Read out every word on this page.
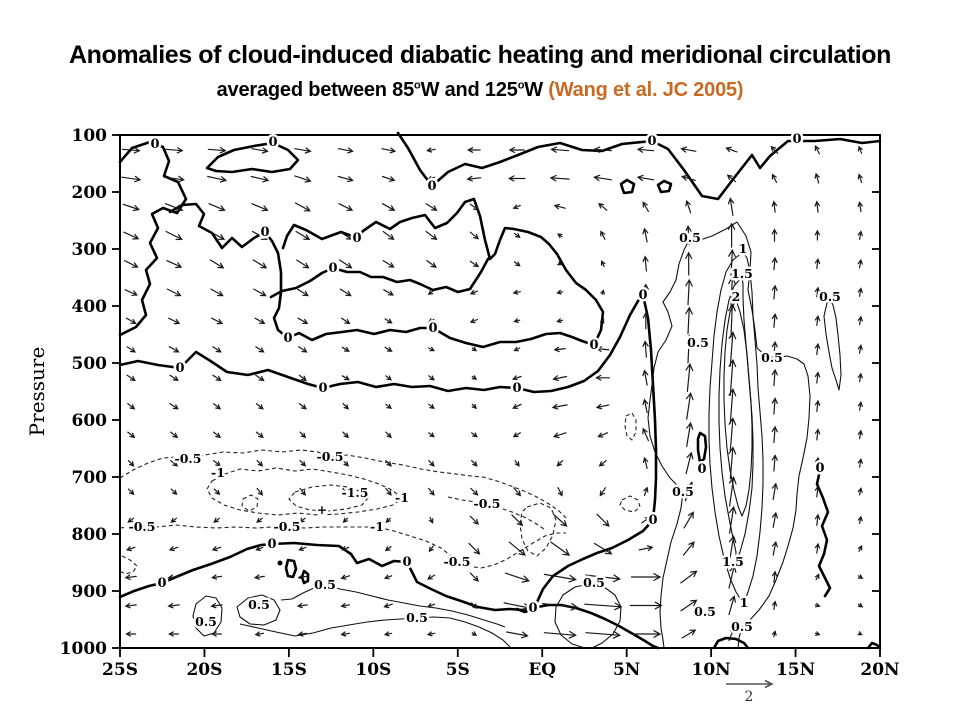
Anomalies of cloud-induced diabatic heating and meridional circulation
averaged between 85$^o$W and 125$^o$W (Wang et al. JC 2005)
100
200
300
400
500
600
700
800
900
1000
25S	20S	15S	10S	5S	EQ	5N	10N	15N	20N
Pressure
0	0
0
0	0
0	0
0
0
0
0
0
0	0
0
0
0
0
0
0
0
0
0.5
0.5
0.5
0.5
0.5
0.5
0.5
0.5
0.5
0.5	0.5
0.5
1
1
1.5
1.5
2
-0.5	-0.5
-0.5	-0.5
-0.5
-0.5
-1
-1
-1
-1.5
+
2
